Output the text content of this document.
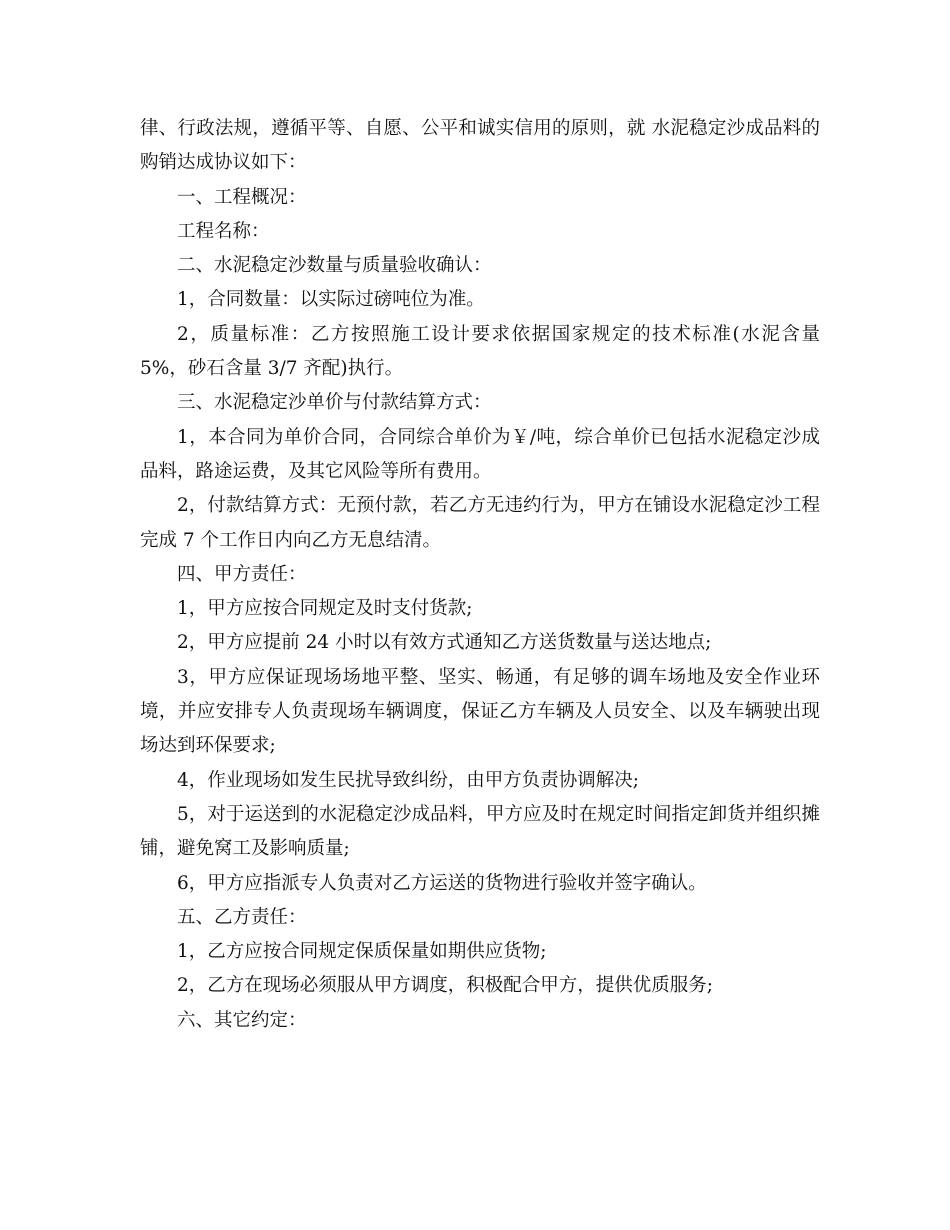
律、行政法规，遵循平等、自愿、公平和诚实信用的原则，就 水泥稳定沙成品料的购销达成协议如下：

一、工程概况：

工程名称：

二、水泥稳定沙数量与质量验收确认：

1，合同数量：以实际过磅吨位为准。

2，质量标准：乙方按照施工设计要求依据国家规定的技术标准(水泥含量 5%，砂石含量 3/7 齐配)执行。

三、水泥稳定沙单价与付款结算方式：

1，本合同为单价合同，合同综合单价为￥/吨，综合单价已包括水泥稳定沙成品料，路途运费，及其它风险等所有费用。

2，付款结算方式：无预付款，若乙方无违约行为，甲方在铺设水泥稳定沙工程完成 7 个工作日内向乙方无息结清。

四、甲方责任：

1，甲方应按合同规定及时支付货款;

2，甲方应提前 24 小时以有效方式通知乙方送货数量与送达地点;

3，甲方应保证现场场地平整、坚实、畅通，有足够的调车场地及安全作业环境，并应安排专人负责现场车辆调度，保证乙方车辆及人员安全、以及车辆驶出现场达到环保要求;

4，作业现场如发生民扰导致纠纷，由甲方负责协调解决;

5，对于运送到的水泥稳定沙成品料，甲方应及时在规定时间指定卸货并组织摊铺，避免窝工及影响质量;

6，甲方应指派专人负责对乙方运送的货物进行验收并签字确认。

五、乙方责任：

1，乙方应按合同规定保质保量如期供应货物;

2，乙方在现场必须服从甲方调度，积极配合甲方，提供优质服务;

六、其它约定：
